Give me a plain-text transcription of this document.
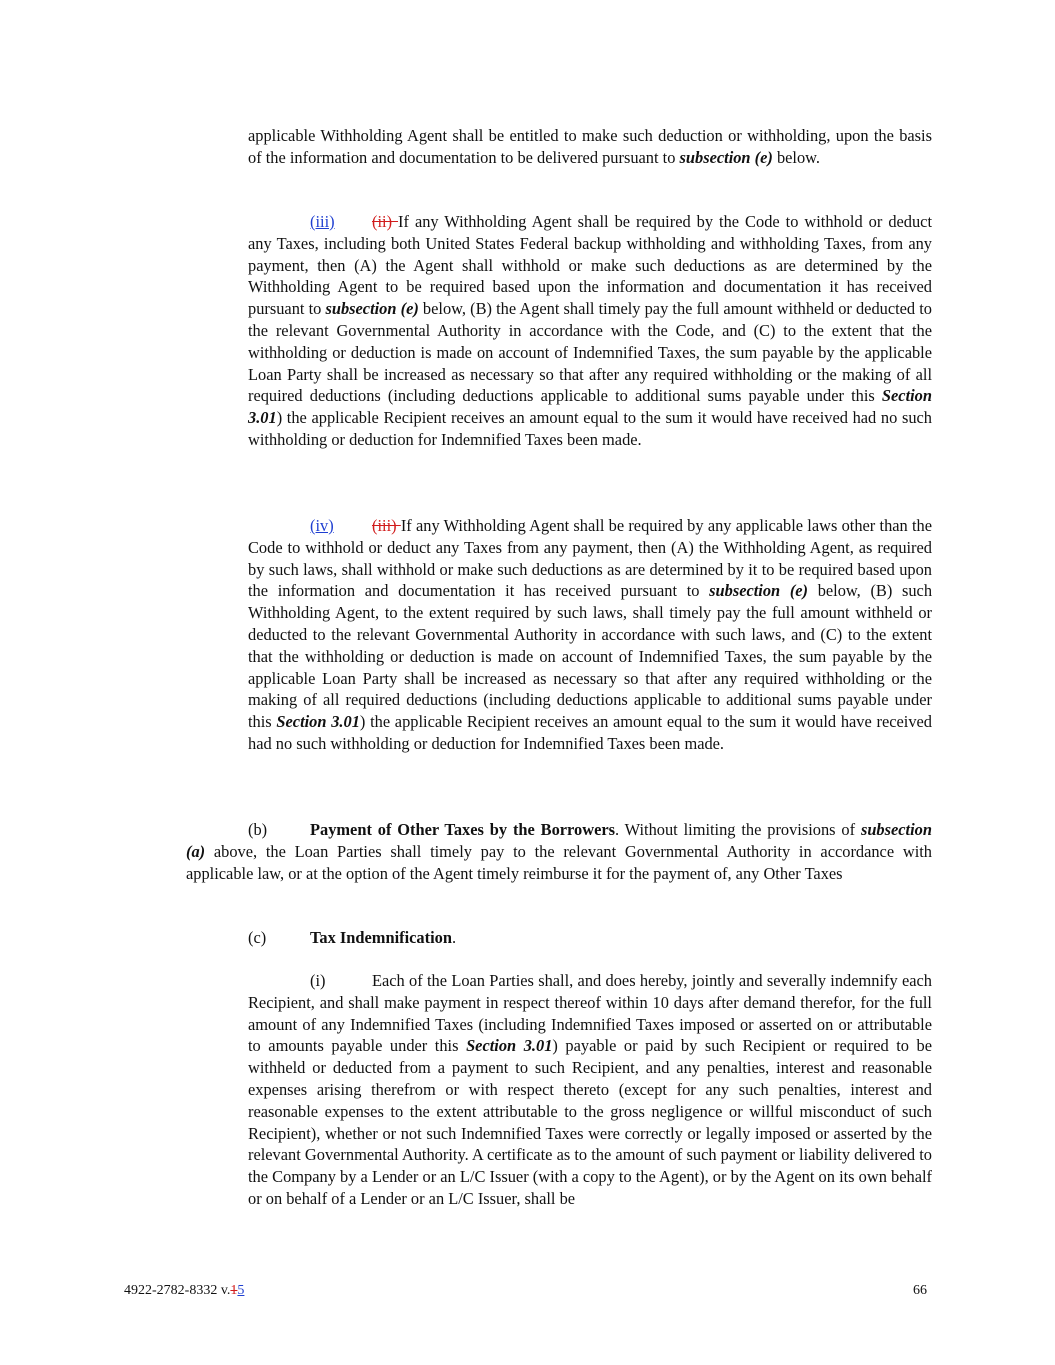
applicable Withholding Agent shall be entitled to make such deduction or withholding, upon the basis of the information and documentation to be delivered pursuant to subsection (e) below.

(iii) (ii) If any Withholding Agent shall be required by the Code to withhold or deduct any Taxes, including both United States Federal backup withholding and withholding Taxes, from any payment, then (A) the Agent shall withhold or make such deductions as are determined by the Withholding Agent to be required based upon the information and documentation it has received pursuant to subsection (e) below, (B) the Agent shall timely pay the full amount withheld or deducted to the relevant Governmental Authority in accordance with the Code, and (C) to the extent that the withholding or deduction is made on account of Indemnified Taxes, the sum payable by the applicable Loan Party shall be increased as necessary so that after any required withholding or the making of all required deductions (including deductions applicable to additional sums payable under this Section 3.01) the applicable Recipient receives an amount equal to the sum it would have received had no such withholding or deduction for Indemnified Taxes been made.

(iv) (iii) If any Withholding Agent shall be required by any applicable laws other than the Code to withhold or deduct any Taxes from any payment, then (A) the Withholding Agent, as required by such laws, shall withhold or make such deductions as are determined by it to be required based upon the information and documentation it has received pursuant to subsection (e) below, (B) such Withholding Agent, to the extent required by such laws, shall timely pay the full amount withheld or deducted to the relevant Governmental Authority in accordance with such laws, and (C) to the extent that the withholding or deduction is made on account of Indemnified Taxes, the sum payable by the applicable Loan Party shall be increased as necessary so that after any required withholding or the making of all required deductions (including deductions applicable to additional sums payable under this Section 3.01) the applicable Recipient receives an amount equal to the sum it would have received had no such withholding or deduction for Indemnified Taxes been made.

(b)	Payment of Other Taxes by the Borrowers. Without limiting the provisions of subsection (a) above, the Loan Parties shall timely pay to the relevant Governmental Authority in accordance with applicable law, or at the option of the Agent timely reimburse it for the payment of, any Other Taxes

(c)	Tax Indemnification.

(i)	Each of the Loan Parties shall, and does hereby, jointly and severally indemnify each Recipient, and shall make payment in respect thereof within 10 days after demand therefor, for the full amount of any Indemnified Taxes (including Indemnified Taxes imposed or asserted on or attributable to amounts payable under this Section 3.01) payable or paid by such Recipient or required to be withheld or deducted from a payment to such Recipient, and any penalties, interest and reasonable expenses arising therefrom or with respect thereto (except for any such penalties, interest and reasonable expenses to the extent attributable to the gross negligence or willful misconduct of such Recipient), whether or not such Indemnified Taxes were correctly or legally imposed or asserted by the relevant Governmental Authority. A certificate as to the amount of such payment or liability delivered to the Company by a Lender or an L/C Issuer (with a copy to the Agent), or by the Agent on its own behalf or on behalf of a Lender or an L/C Issuer, shall be

4922-2782-8332 v.15	66
